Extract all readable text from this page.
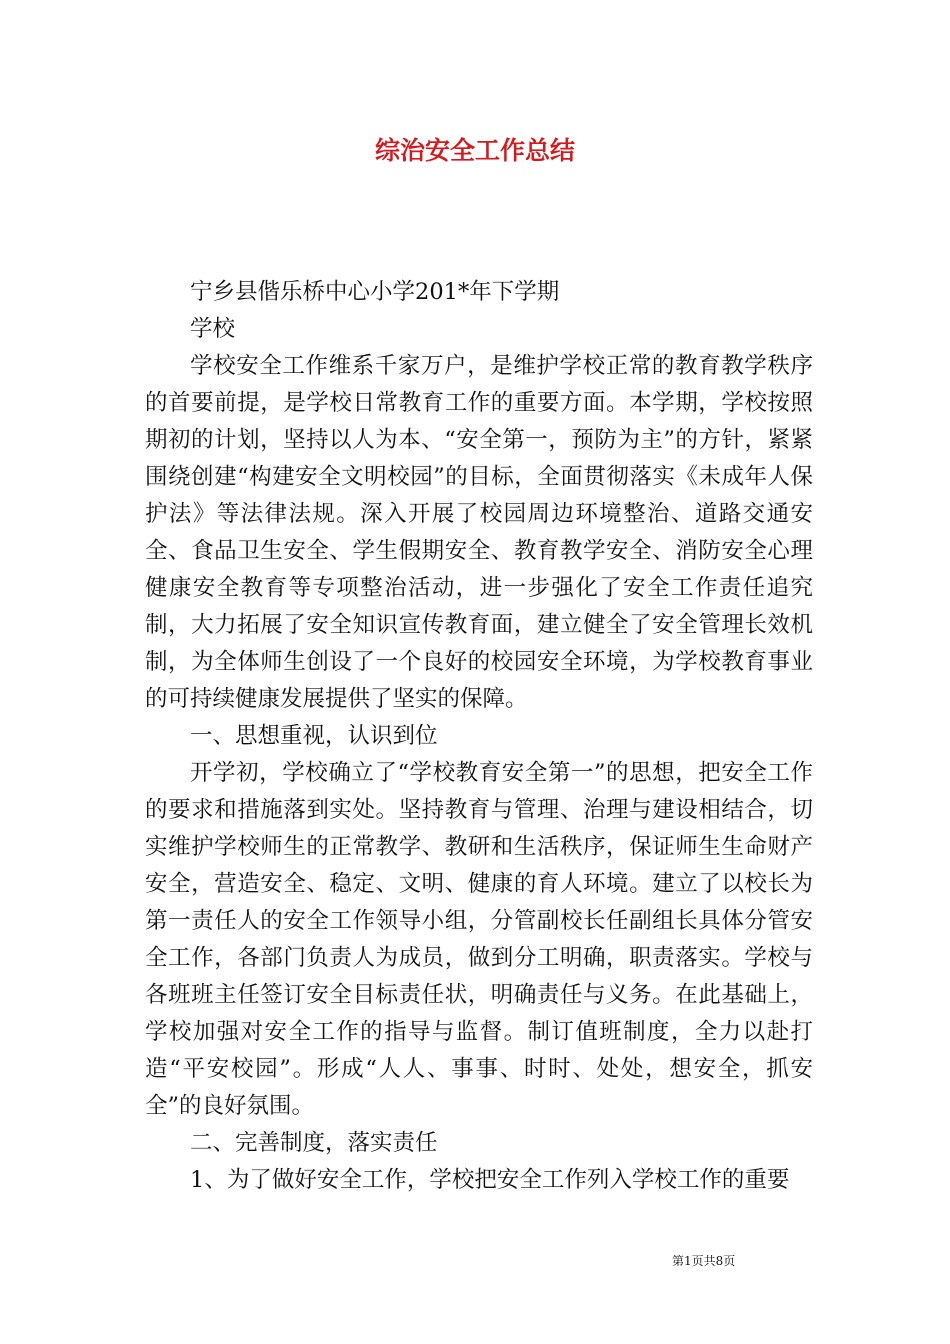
综治安全工作总结

宁乡县偕乐桥中心小学201*年下学期

学校

学校安全工作维系千家万户，是维护学校正常的教育教学秩序的首要前提，是学校日常教育工作的重要方面。本学期，学校按照期初的计划，坚持以人为本、“安全第一，预防为主”的方针，紧紧围绕创建“构建安全文明校园”的目标，全面贯彻落实《未成年人保护法》等法律法规。深入开展了校园周边环境整治、道路交通安全、食品卫生安全、学生假期安全、教育教学安全、消防安全心理健康安全教育等专项整治活动，进一步强化了安全工作责任追究制，大力拓展了安全知识宣传教育面，建立健全了安全管理长效机制，为全体师生创设了一个良好的校园安全环境，为学校教育事业的可持续健康发展提供了坚实的保障。

一、思想重视，认识到位

开学初，学校确立了“学校教育安全第一”的思想，把安全工作的要求和措施落到实处。坚持教育与管理、治理与建设相结合，切实维护学校师生的正常教学、教研和生活秩序，保证师生生命财产安全，营造安全、稳定、文明、健康的育人环境。建立了以校长为第一责任人的安全工作领导小组，分管副校长任副组长具体分管安全工作，各部门负责人为成员，做到分工明确，职责落实。学校与各班班主任签订安全目标责任状，明确责任与义务。在此基础上，学校加强对安全工作的指导与监督。制订值班制度，全力以赴打造“平安校园”。形成“人人、事事、时时、处处，想安全，抓安全”的良好氛围。

二、完善制度，落实责任

1、为了做好安全工作，学校把安全工作列入学校工作的重要

第1页共8页
